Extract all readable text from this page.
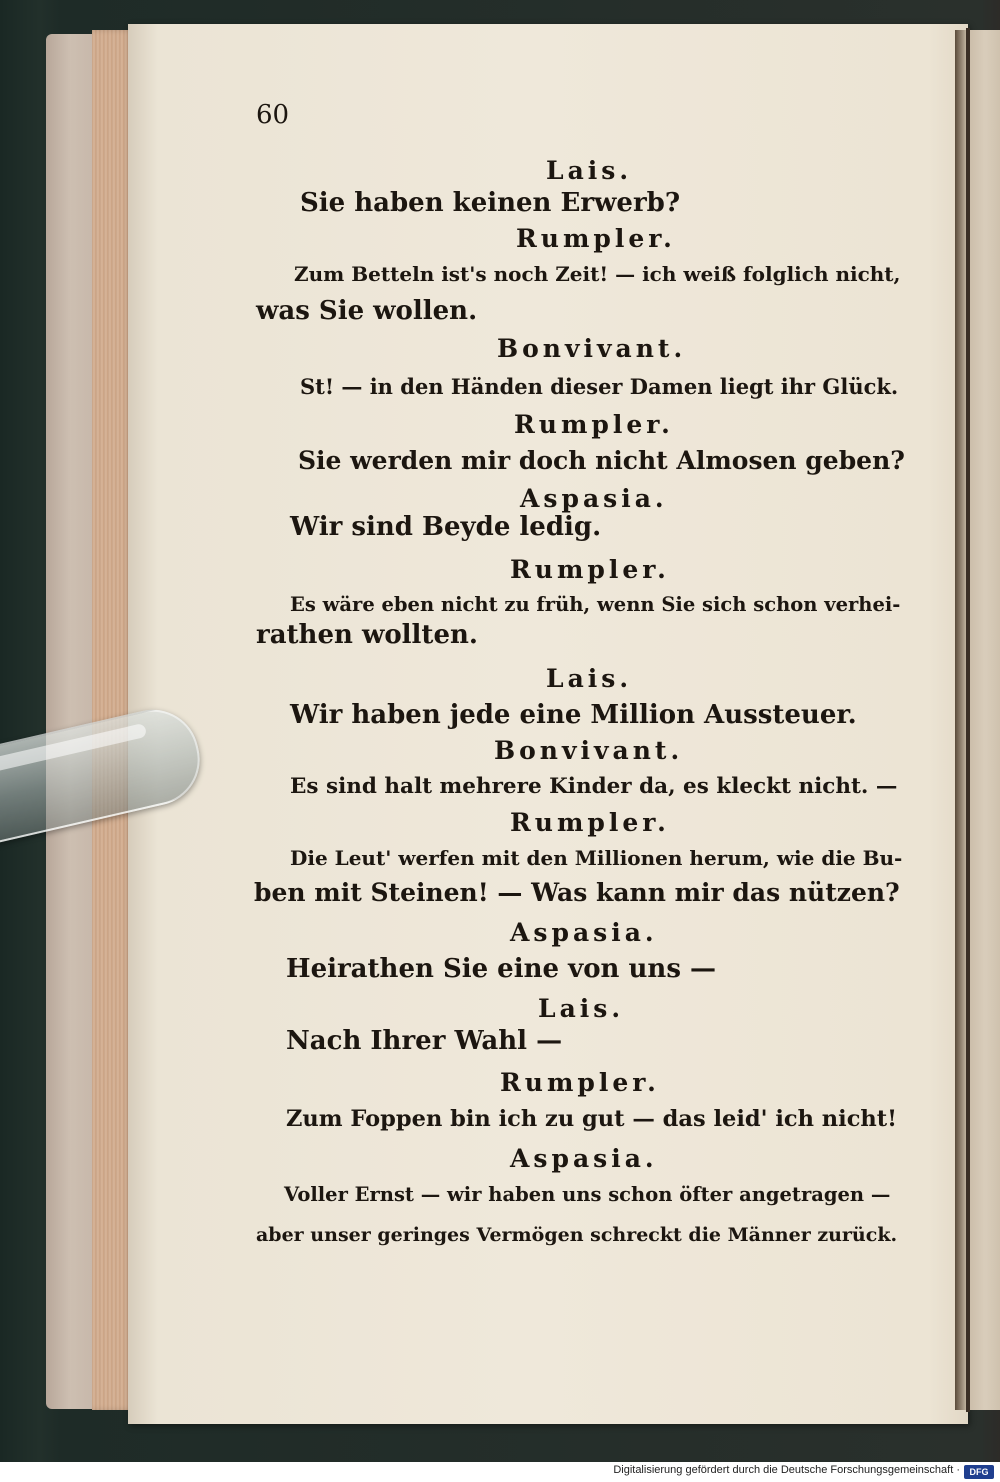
60
Lais.
Sie haben keinen Erwerb?
Rumpler.
Zum Betteln ist's noch Zeit! — ich weiß folglich nicht,
was Sie wollen.
Bonvivant.
St! — in den Händen dieser Damen liegt ihr Glück.
Rumpler.
Sie werden mir doch nicht Almosen geben?
Aspasia.
Wir sind Beyde ledig.
Rumpler.
Es wäre eben nicht zu früh, wenn Sie sich schon verhei-
rathen wollten.
Lais.
Wir haben jede eine Million Aussteuer.
Bonvivant.
Es sind halt mehrere Kinder da, es kleckt nicht. —
Rumpler.
Die Leut' werfen mit den Millionen herum, wie die Bu-
ben mit Steinen! — Was kann mir das nützen?
Aspasia.
Heirathen Sie eine von uns —
Lais.
Nach Ihrer Wahl —
Rumpler.
Zum Foppen bin ich zu gut — das leid' ich nicht!
Aspasia.
Voller Ernst — wir haben uns schon öfter angetragen —
aber unser geringes Vermögen schreckt die Männer zurück.
Digitalisierung gefördert durch die Deutsche Forschungsgemeinschaft ·	DFG
